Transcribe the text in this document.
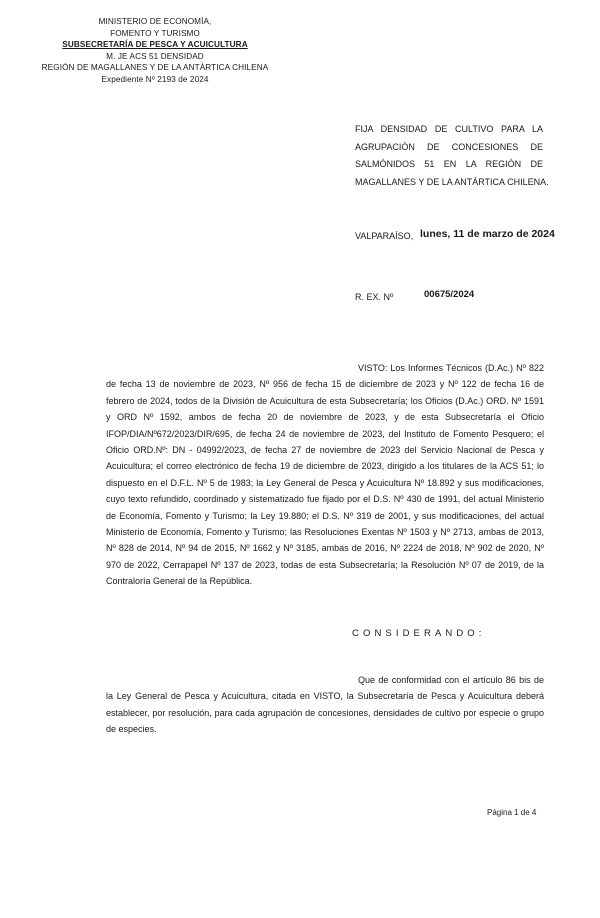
MINISTERIO DE ECONOMÍA,
FOMENTO Y TURISMO
SUBSECRETARÍA DE PESCA Y ACUICULTURA
M. JE ACS 51 DENSIDAD
REGIÓN DE MAGALLANES Y DE LA ANTÁRTICA CHILENA
Expediente Nº 2193 de 2024
FIJA DENSIDAD DE CULTIVO PARA LA
AGRUPACIÓN DE CONCESIONES DE
SALMÓNIDOS 51 EN LA REGIÓN DE
MAGALLANES Y DE LA ANTÁRTICA CHILENA.
VALPARAÍSO, lunes, 11 de marzo de 2024
R. EX. Nº	00675/2024

VISTO: Los Informes Técnicos (D.Ac.) Nº 822 de fecha 13 de noviembre de 2023, Nº 956 de fecha 15 de diciembre de 2023 y Nº 122 de fecha 16 de febrero de 2024, todos de la División de Acuicultura de esta Subsecretaría; los Oficios (D.Ac.) ORD. Nº 1591 y ORD Nº 1592, ambos de fecha 20 de noviembre de 2023, y de esta Subsecretaría el Oficio IFOP/DIA/Nº672/2023/DIR/695, de fecha 24 de noviembre de 2023, del Instituto de Fomento Pesquero; el Oficio ORD.Nº: DN - 04992/2023, de fecha 27 de noviembre de 2023 del Servicio Nacional de Pesca y Acuicultura; el correo electrónico de fecha 19 de diciembre de 2023, dirigido a los titulares de la ACS 51; lo dispuesto en el D.F.L. Nº 5 de 1983; la Ley General de Pesca y Acuicultura Nº 18.892 y sus modificaciones, cuyo texto refundido, coordinado y sistematizado fue fijado por el D.S. Nº 430 de 1991, del actual Ministerio de Economía, Fomento y Turismo; la Ley 19.880; el D.S. Nº 319 de 2001, y sus modificaciones, del actual Ministerio de Economía, Fomento y Turismo; las Resoluciones Exentas Nº 1503 y Nº 2713, ambas de 2013, Nº 828 de 2014, Nº 94 de 2015, Nº 1662 y Nº 3185, ambas de 2016, Nº 2224 de 2018, Nº 902 de 2020, Nº 970 de 2022, Cerrapapel Nº 137 de 2023, todas de esta Subsecretaría; la Resolución Nº 07 de 2019, de la Contraloría General de la República.

CONSIDERANDO:

Que de conformidad con el artículo 86 bis de la Ley General de Pesca y Acuicultura, citada en VISTO, la Subsecretaría de Pesca y Acuicultura deberá establecer, por resolución, para cada agrupación de concesiones, densidades de cultivo por especie o grupo de especies.

Página 1 de 4
